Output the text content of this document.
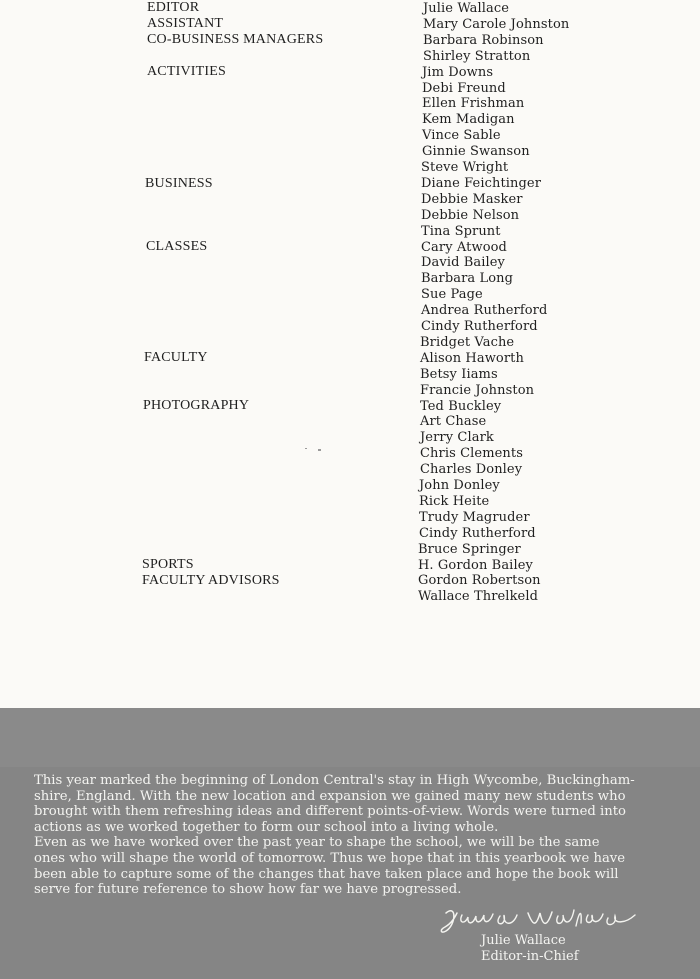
EDITOR
ASSISTANT
CO-BUSINESS MANAGERS
ACTIVITIES
BUSINESS
CLASSES
FACULTY
PHOTOGRAPHY
SPORTS
FACULTY ADVISORS
Julie Wallace
Mary Carole Johnston
Barbara Robinson
Shirley Stratton
Jim Downs
Debi Freund
Ellen Frishman
Kem Madigan
Vince Sable
Ginnie Swanson
Steve Wright
Diane Feichtinger
Debbie Masker
Debbie Nelson
Tina Sprunt
Cary Atwood
David Bailey
Barbara Long
Sue Page
Andrea Rutherford
Cindy Rutherford
Bridget Vache
Alison Haworth
Betsy Iiams
Francie Johnston
Ted Buckley
Art Chase
Jerry Clark
Chris Clements
Charles Donley
John Donley
Rick Heite
Trudy Magruder
Cindy Rutherford
Bruce Springer
H. Gordon Bailey
Gordon Robertson
Wallace Threlkeld

This year marked the beginning of London Central's stay in High Wycombe, Buckingham-

shire, England. With the new location and expansion we gained many new students who

brought with them refreshing ideas and different points-of-view. Words were turned into

actions as we worked together to form our school into a living whole.

Even as we have worked over the past year to shape the school, we will be the same

ones who will shape the world of tomorrow. Thus we hope that in this yearbook we have

been able to capture some of the changes that have taken place and hope the book will

serve for future reference to show how far we have progressed.

Julie Wallace
Editor-in-Chief
